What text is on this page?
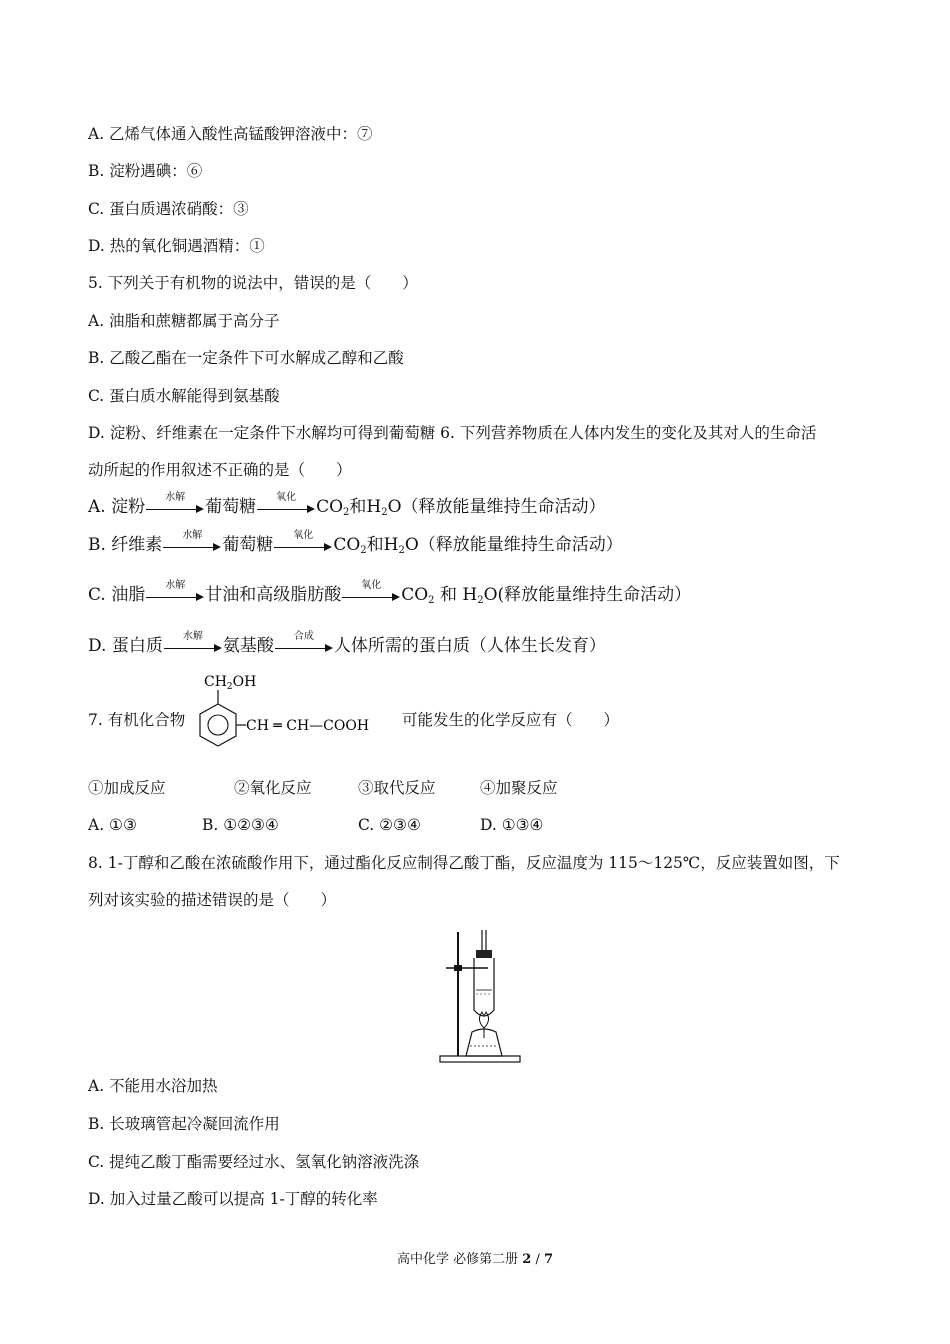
A. 乙烯气体通入酸性高锰酸钾溶液中：⑦
B. 淀粉遇碘：⑥
C. 蛋白质遇浓硝酸：③
D. 热的氧化铜遇酒精：①
5. 下列关于有机物的说法中，错误的是（　　）
A. 油脂和蔗糖都属于高分子
B. 乙酸乙酯在一定条件下可水解成乙醇和乙酸
C. 蛋白质水解能得到氨基酸
D. 淀粉、纤维素在一定条件下水解均可得到葡萄糖 6. 下列营养物质在人体内发生的变化及其对人的生命活
动所起的作用叙述不正确的是（　　）
A. 淀粉	水解	葡萄糖	氧化	$CO_2$和$H_2O$（释放能量维持生命活动）
B. 纤维素	水解	葡萄糖	氧化	$CO_2$和$H_2O$（释放能量维持生命活动）
C. 油脂	水解	甘油和高级脂肪酸	氧化	$CO_2$ 和 $H_2O$(释放能量维持生命活动）
D. 蛋白质	水解	氨基酸	合成	人体所需的蛋白质（人体生长发育）
7. 有机化合物
$CH_2OH$
CH ═ CH—COOH 可能发生的化学反应有（　　）
①加成反应	②氧化反应	③取代反应	④加聚反应
A. ①③	B. ①②③④	C. ②③④	D. ①③④
8. 1-丁醇和乙酸在浓硫酸作用下，通过酯化反应制得乙酸丁酯，反应温度为 115～125℃，反应装置如图，下
列对该实验的描述错误的是（　　）
A. 不能用水浴加热
B. 长玻璃管起冷凝回流作用
C. 提纯乙酸丁酯需要经过水、氢氧化钠溶液洗涤
D. 加入过量乙酸可以提高 1-丁醇的转化率
高中化学 必修第二册 2 / 7
